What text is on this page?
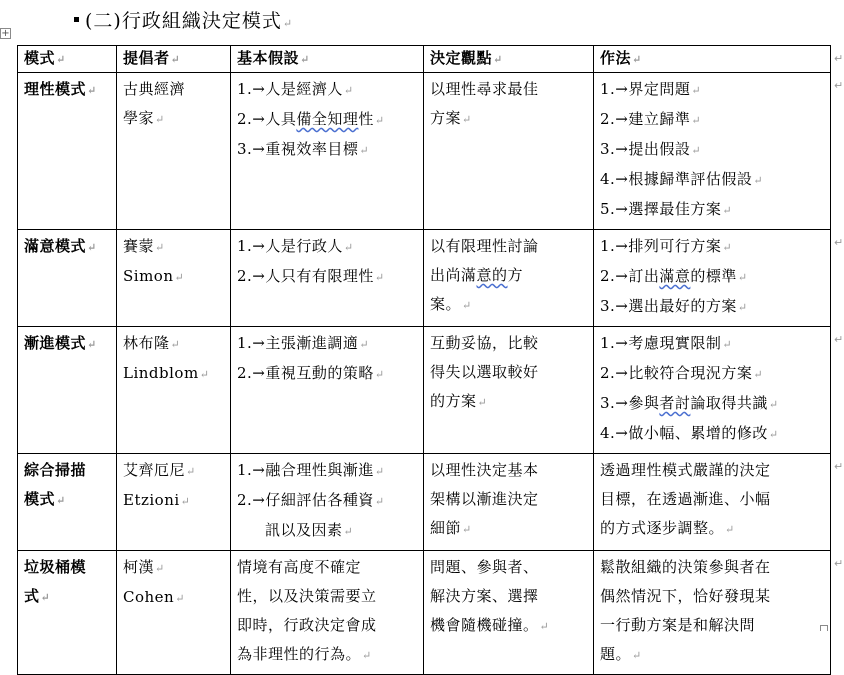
(二)行政組織決定模式↵
+
模式↵	提倡者↵	基本假設↵	決定觀點↵	作法↵

理性模式↵	古典經濟
學家↵	1.→人是經濟人↵
2.→人具備全知理性↵
3.→重視效率目標↵	以理性尋求最佳
方案↵	1.→界定問題↵
2.→建立歸準↵
3.→提出假設↵
4.→根據歸準評估假設↵
5.→選擇最佳方案↵

滿意模式↵	賽蒙↵
Simon↵	1.→人是行政人↵
2.→人只有有限理性↵	以有限理性討論
出尚滿意的方
案。↵	1.→排列可行方案↵
2.→訂出滿意的標準↵
3.→選出最好的方案↵

漸進模式↵	林布隆↵
Lindblom↵	1.→主張漸進調適↵
2.→重視互動的策略↵	互動妥協，比較
得失以選取較好
的方案↵	1.→考慮現實限制↵
2.→比較符合現況方案↵
3.→參與者討論取得共識↵
4.→做小幅、累增的修改↵

綜合掃描
模式↵	艾齊厄尼↵
Etzioni↵	1.→融合理性與漸進↵
2.→仔細評估各種資↵
訊以及因素↵	以理性決定基本
架構以漸進決定
細節↵	透過理性模式嚴謹的決定
目標，在透過漸進、小幅
的方式逐步調整。↵

垃圾桶模
式↵	柯漢↵
Cohen↵	情境有高度不確定
性，以及決策需要立
即時，行政決定會成
為非理性的行為。↵	問題、參與者、
解決方案、選擇
機會隨機碰撞。↵	鬆散組織的決策參與者在
偶然情況下，恰好發現某
一行動方案是和解決問
題。↵
↵
↵
↵
↵
↵
↵
